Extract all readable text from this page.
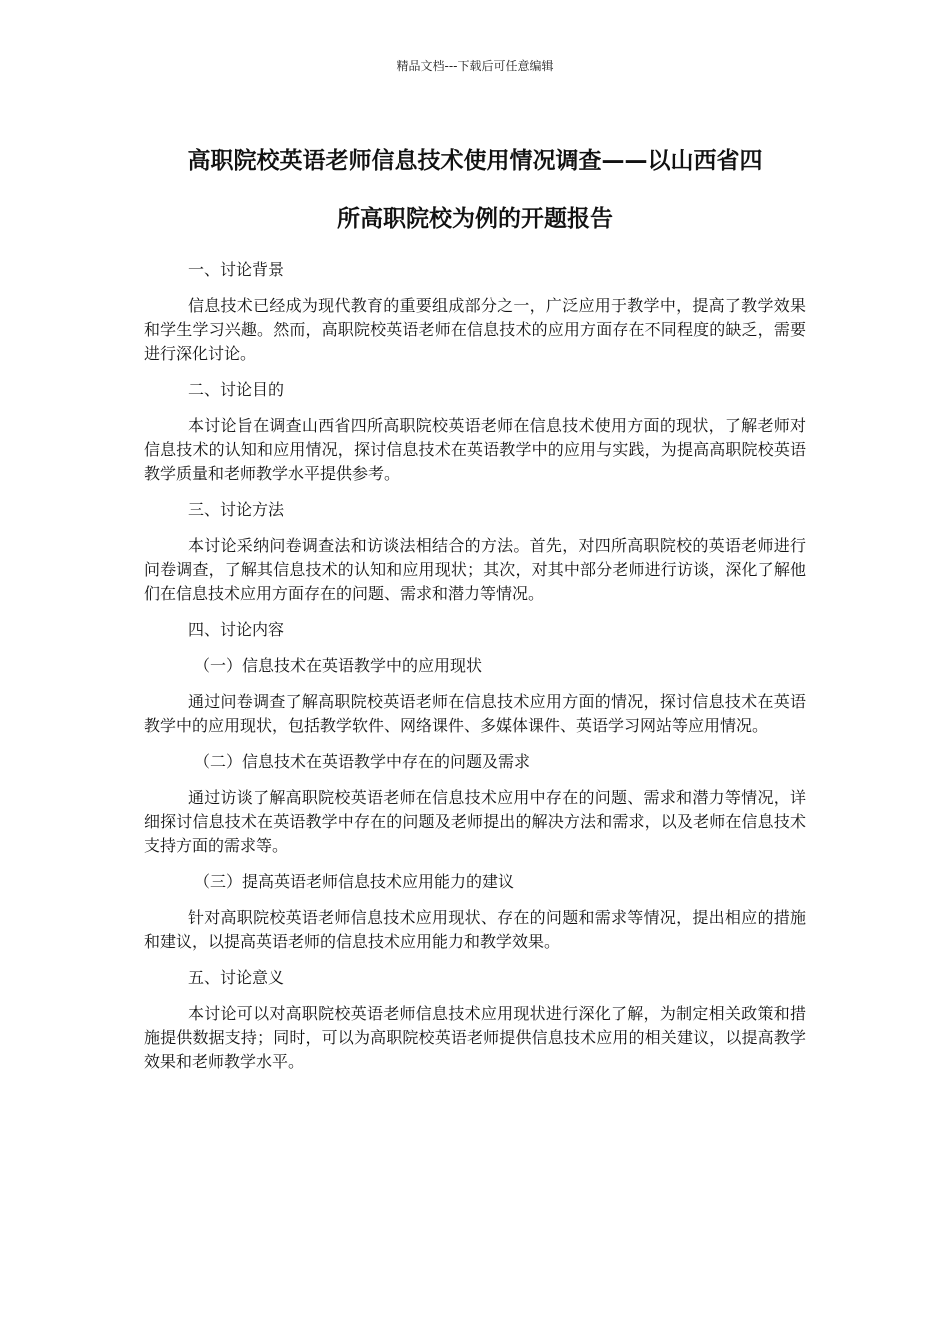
精品文档---下载后可任意编辑
高职院校英语老师信息技术使用情况调查——以山西省四
所高职院校为例的开题报告
一、讨论背景

信息技术已经成为现代教育的重要组成部分之一，广泛应用于教学中，提高了教学效果和学生学习兴趣。然而，高职院校英语老师在信息技术的应用方面存在不同程度的缺乏，需要进行深化讨论。

二、讨论目的

本讨论旨在调查山西省四所高职院校英语老师在信息技术使用方面的现状，了解老师对信息技术的认知和应用情况，探讨信息技术在英语教学中的应用与实践，为提高高职院校英语教学质量和老师教学水平提供参考。

三、讨论方法

本讨论采纳问卷调查法和访谈法相结合的方法。首先，对四所高职院校的英语老师进行问卷调查，了解其信息技术的认知和应用现状；其次，对其中部分老师进行访谈，深化了解他们在信息技术应用方面存在的问题、需求和潜力等情况。

四、讨论内容
（一）信息技术在英语教学中的应用现状

通过问卷调查了解高职院校英语老师在信息技术应用方面的情况，探讨信息技术在英语教学中的应用现状，包括教学软件、网络课件、多媒体课件、英语学习网站等应用情况。

（二）信息技术在英语教学中存在的问题及需求

通过访谈了解高职院校英语老师在信息技术应用中存在的问题、需求和潜力等情况，详细探讨信息技术在英语教学中存在的问题及老师提出的解决方法和需求，以及老师在信息技术支持方面的需求等。

（三）提高英语老师信息技术应用能力的建议

针对高职院校英语老师信息技术应用现状、存在的问题和需求等情况，提出相应的措施和建议，以提高英语老师的信息技术应用能力和教学效果。

五、讨论意义

本讨论可以对高职院校英语老师信息技术应用现状进行深化了解，为制定相关政策和措施提供数据支持；同时，可以为高职院校英语老师提供信息技术应用的相关建议，以提高教学效果和老师教学水平。
